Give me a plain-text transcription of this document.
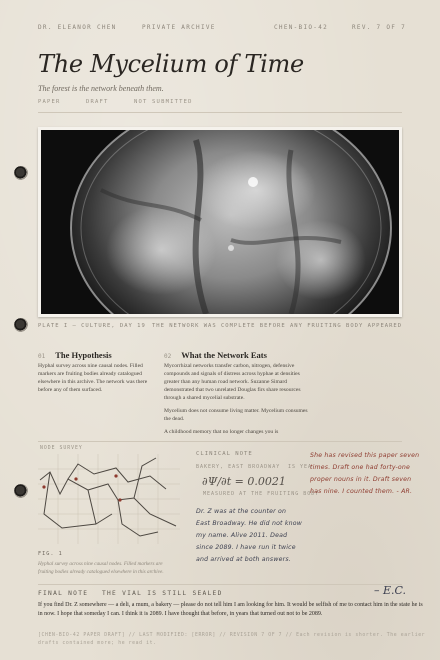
DR. ELEANOR CHEN	PRIVATE ARCHIVE	CHEN-BIO-42	REV. 7 OF 7
The Mycelium of Time
The forest is the network beneath them.
PAPER	DRAFT	NOT SUBMITTED
PLATE I — CULTURE, DAY 19 THE NETWORK WAS COMPLETE BEFORE ANY FRUITING BODY APPEARED
01 The Hypothesis

Hyphal survey across nine causal nodes. Filled markers are fruiting bodies already catalogued elsewhere in this archive. The network was there before any of them surfaced.

02 What the Network Eats

Mycorrhizal networks transfer carbon, nitrogen, defensive compounds and signals of distress across hyphae at densities greater than any human road network. Suzanne Simard demonstrated that two unrelated Douglas firs share resources through a shared mycelial substrate.

Mycelium does not consume living matter. Mycelium consumes the dead.

A childhood memory that no longer changes you is

NODE SURVEY
FIG. 1
Hyphal survey across nine causal nodes. Filled markers are fruiting bodies already catalogued elsewhere in this archive.
CLINICAL NOTE
BAKERY, EAST BROADWAY IS YEA
∂Ψ/∂t = 0.0021
MEASURED AT THE FRUITING BODY
She has revised this paper seven times. Draft one had forty-one proper nouns in it. Draft seven has nine. I counted them. - AR.
Dr. Z was at the counter on East Broadway. He did not know my name. Alive 2011. Dead since 2089. I have run it twice and arrived at both answers.
FINAL NOTE THE VIAL IS STILL SEALED	– E.C.
If you find Dr. Z somewhere — a deli, a mum, a bakery — please do not tell him I am looking for him. It would be selfish of me to contact him in the state he is in now. I hope that someday I can. I think it is 2089. I have thought that before, in years that turned out not to be 2089.
[CHEN-BIO-42 PAPER DRAFT] // LAST MODIFIED: [ERROR] // REVISION 7 OF 7 // Each revision is shorter. The earlier drafts contained more; he read it.
